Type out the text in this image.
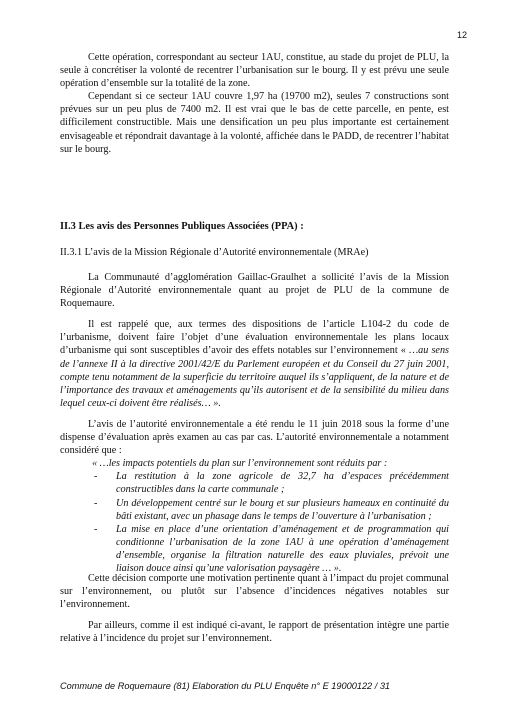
12

Cette opération, correspondant au secteur 1AU, constitue, au stade du projet de PLU, la seule à concrétiser la volonté de recentrer l’urbanisation sur le bourg. Il y est prévu une seule opération d’ensemble sur la totalité de la zone.

Cependant si ce secteur 1AU couvre 1,97 ha (19700 m2), seules 7 constructions sont prévues sur un peu plus de 7400 m2. Il est vrai que le bas de cette parcelle, en pente, est difficilement constructible. Mais une densification un peu plus importante est certainement envisageable et répondrait davantage à la volonté, affichée dans le PADD, de recentrer l’habitat sur le bourg.

II.3 Les avis des Personnes Publiques Associées (PPA) :
II.3.1 L’avis de la Mission Régionale d’Autorité environnementale (MRAe)

La Communauté d’agglomération Gaillac-Graulhet a sollicité l’avis de la Mission Régionale d’Autorité environnementale quant au projet de PLU de la commune de Roquemaure.

Il est rappelé que, aux termes des dispositions de l’article L104-2 du code de l’urbanisme, doivent faire l’objet d’une évaluation environnementale les plans locaux d’urbanisme qui sont susceptibles d’avoir des effets notables sur l’environnement « …au sens de l’annexe II à la directive 2001/42/E du Parlement européen et du Conseil du 27 juin 2001, compte tenu notamment de la superficie du territoire auquel ils s’appliquent, de la nature et de l’importance des travaux et aménagements qu’ils autorisent et de la sensibilité du milieu dans lequel ceux-ci doivent être réalisés… ».

L’avis de l’autorité environnementale a été rendu le 11 juin 2018 sous la forme d’une dispense d’évaluation après examen au cas par cas. L’autorité environnementale a notamment considéré que :

« …les impacts potentiels du plan sur l’environnement sont réduits par :

- La restitution à la zone agricole de 32,7 ha d’espaces précédemment constructibles dans la carte communale ;
- Un développement centré sur le bourg et sur plusieurs hameaux en continuité du bâti existant, avec un phasage dans le temps de l’ouverture à l’urbanisation ;
- La mise en place d’une orientation d’aménagement et de programmation qui conditionne l’urbanisation de la zone 1AU à une opération d’aménagement d’ensemble, organise la filtration naturelle des eaux pluviales, prévoit une liaison douce ainsi qu’une valorisation paysagère … ».

Cette décision comporte une motivation pertinente quant à l’impact du projet communal sur l’environnement, ou plutôt sur l’absence d’incidences négatives notables sur l’environnement.

Par ailleurs, comme il est indiqué ci-avant, le rapport de présentation intègre une partie relative à l’incidence du projet sur l’environnement.

Commune de Roquemaure (81) Elaboration du PLU Enquête n° E 19000122 / 31
